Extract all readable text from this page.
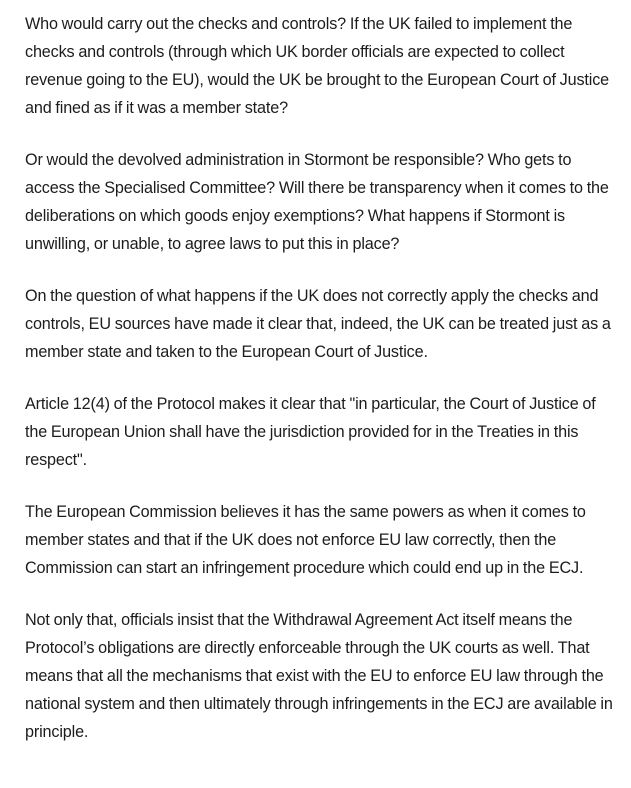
Who would carry out the checks and controls? If the UK failed to implement the checks and controls (through which UK border officials are expected to collect revenue going to the EU), would the UK be brought to the European Court of Justice and fined as if it was a member state?

Or would the devolved administration in Stormont be responsible? Who gets to access the Specialised Committee? Will there be transparency when it comes to the deliberations on which goods enjoy exemptions? What happens if Stormont is unwilling, or unable, to agree laws to put this in place?

On the question of what happens if the UK does not correctly apply the checks and controls, EU sources have made it clear that, indeed, the UK can be treated just as a member state and taken to the European Court of Justice.

Article 12(4) of the Protocol makes it clear that "in particular, the Court of Justice of the European Union shall have the jurisdiction provided for in the Treaties in this respect".

The European Commission believes it has the same powers as when it comes to member states and that if the UK does not enforce EU law correctly, then the Commission can start an infringement procedure which could end up in the ECJ.

Not only that, officials insist that the Withdrawal Agreement Act itself means the Protocol’s obligations are directly enforceable through the UK courts as well. That means that all the mechanisms that exist with the EU to enforce EU law through the national system and then ultimately through infringements in the ECJ are available in principle.
